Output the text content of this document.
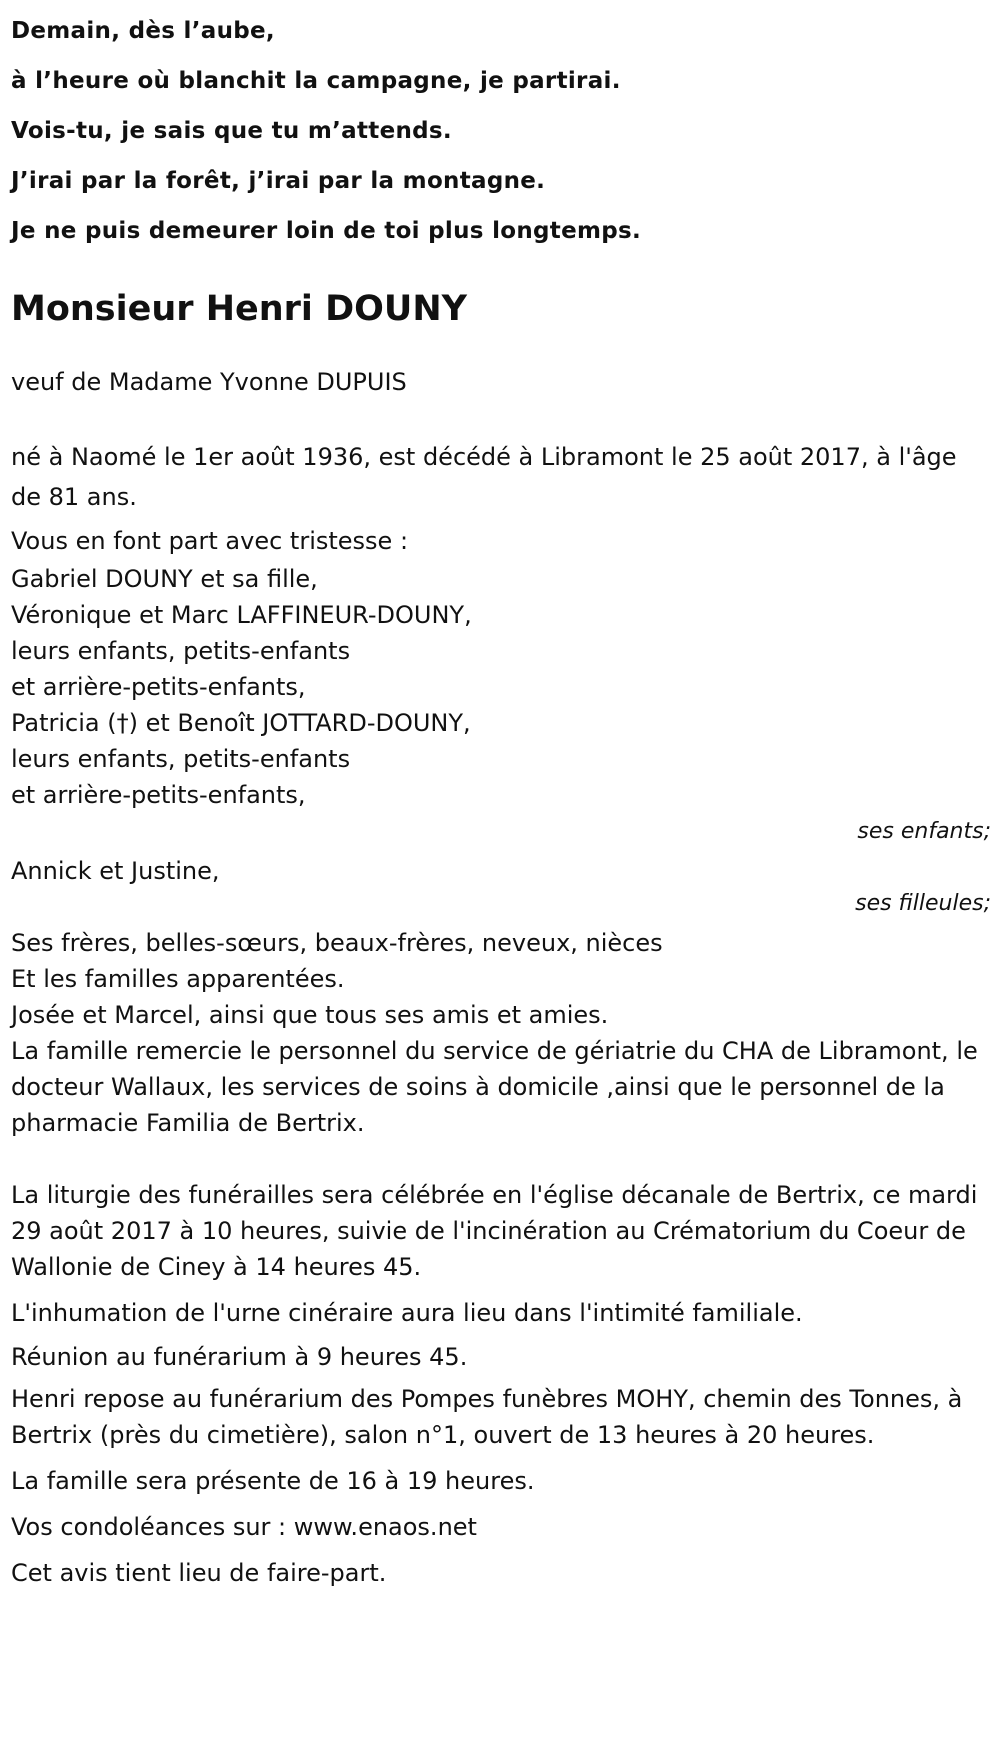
Demain, dès l’aube,
à l’heure où blanchit la campagne, je partirai.
Vois-tu, je sais que tu m’attends.
J’irai par la forêt, j’irai par la montagne.
Je ne puis demeurer loin de toi plus longtemps.
Monsieur Henri DOUNY
veuf de Madame Yvonne DUPUIS
né à Naomé le 1er août 1936, est décédé à Libramont le 25 août 2017, à l'âge de 81 ans.
Vous en font part avec tristesse :
Gabriel DOUNY et sa fille,
Véronique et Marc LAFFINEUR-DOUNY,
leurs enfants, petits-enfants
et arrière-petits-enfants,
Patricia (†) et Benoît JOTTARD-DOUNY,
leurs enfants, petits-enfants
et arrière-petits-enfants,
ses enfants;
Annick et Justine,
ses filleules;
Ses frères, belles-sœurs, beaux-frères, neveux, nièces
Et les familles apparentées.
Josée et Marcel, ainsi que tous ses amis et amies.
La famille remercie le personnel du service de gériatrie du CHA de Libramont, le docteur Wallaux, les services de soins à domicile ,ainsi que le personnel de la pharmacie Familia de Bertrix.
La liturgie des funérailles sera célébrée en l'église décanale de Bertrix, ce mardi 29 août 2017 à 10 heures, suivie de l'incinération au Crématorium du Coeur de Wallonie de Ciney à 14 heures 45.
L'inhumation de l'urne cinéraire aura lieu dans l'intimité familiale.
Réunion au funérarium à 9 heures 45.
Henri repose au funérarium des Pompes funèbres MOHY, chemin des Tonnes, à Bertrix (près du cimetière), salon n°1, ouvert de 13 heures à 20 heures.
La famille sera présente de 16 à 19 heures.
Vos condoléances sur : www.enaos.net
Cet avis tient lieu de faire-part.
